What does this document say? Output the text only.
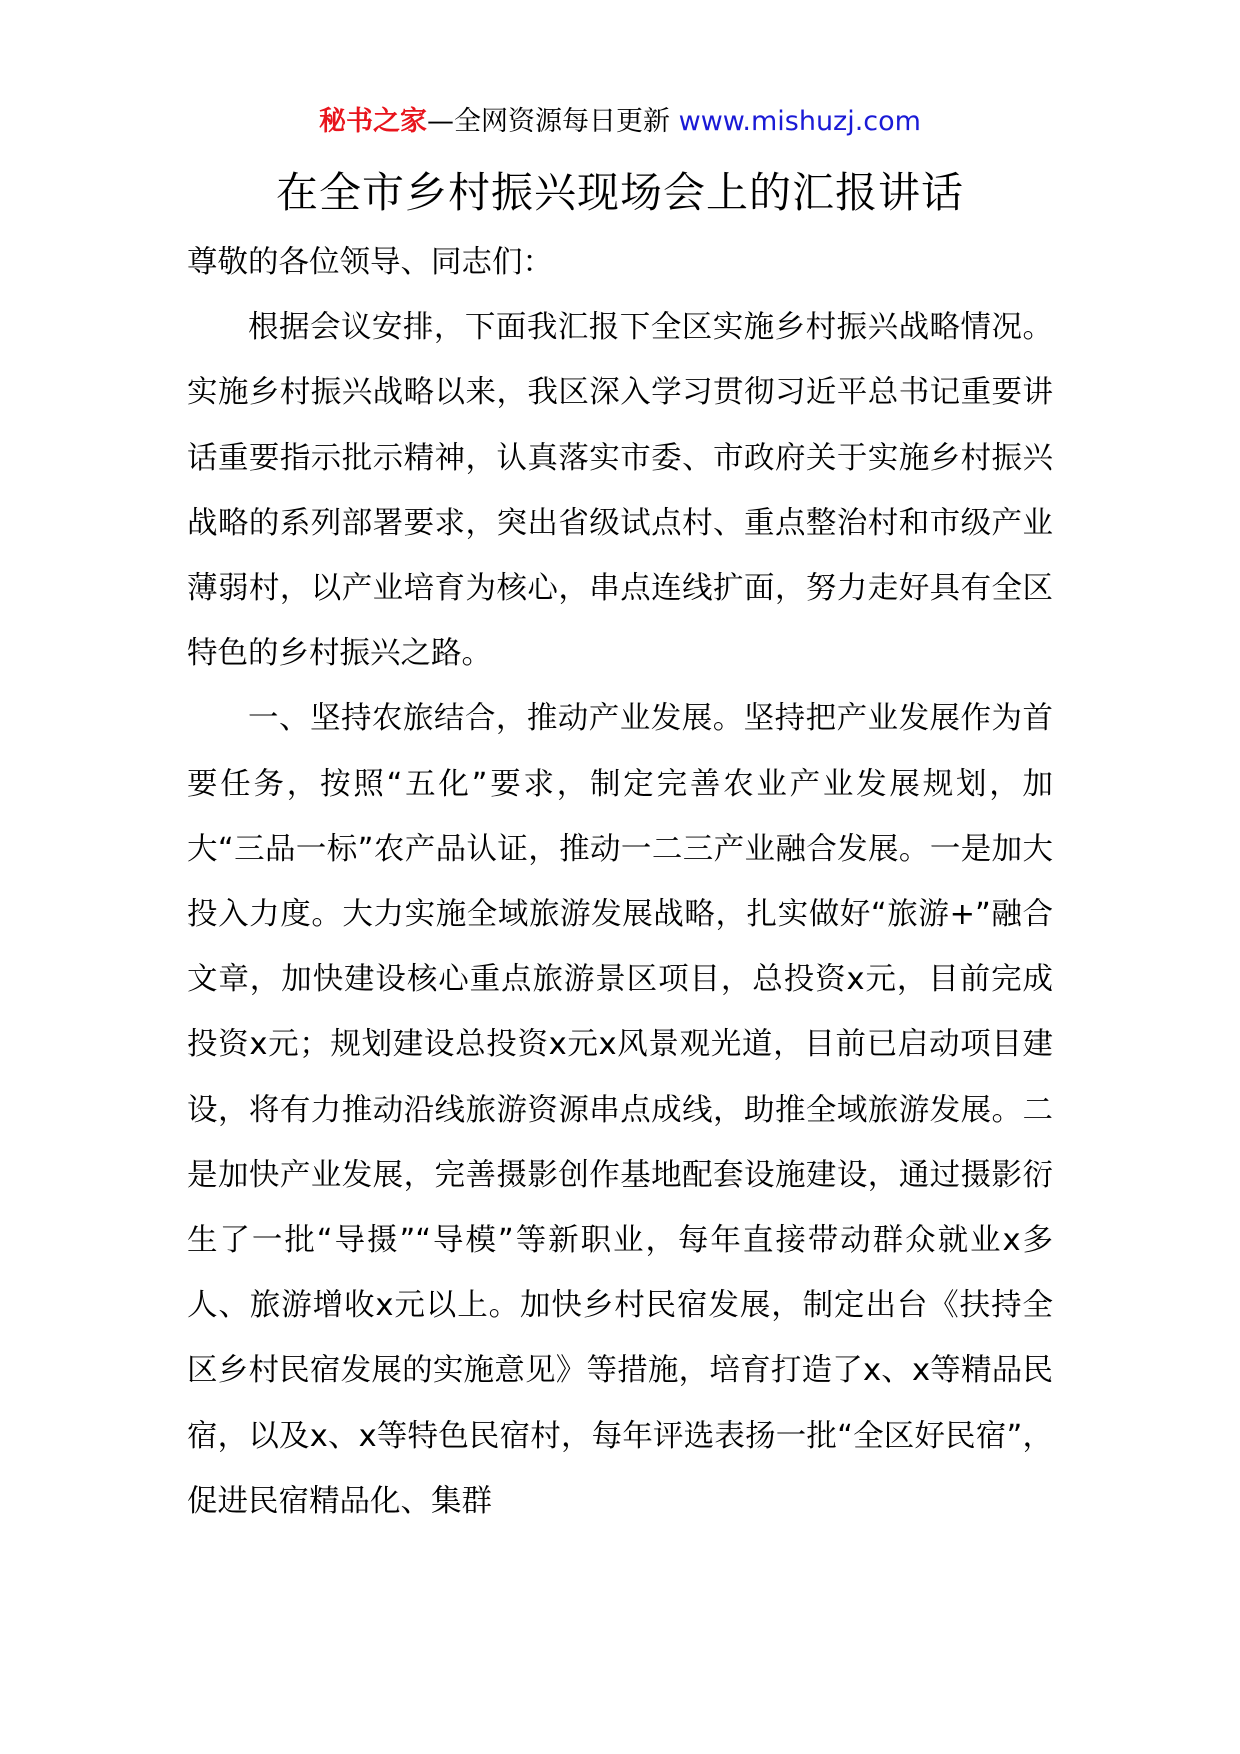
秘书之家—全网资源每日更新 www.mishuzj.com
在全市乡村振兴现场会上的汇报讲话

尊敬的各位领导、同志们：

根据会议安排，下面我汇报下全区实施乡村振兴战略情况。实施乡村振兴战略以来，我区深入学习贯彻习近平总书记重要讲话重要指示批示精神，认真落实市委、市政府关于实施乡村振兴战略的系列部署要求，突出省级试点村、重点整治村和市级产业薄弱村，以产业培育为核心，串点连线扩面，努力走好具有全区特色的乡村振兴之路。

一、坚持农旅结合，推动产业发展。坚持把产业发展作为首要任务，按照“五化”要求，制定完善农业产业发展规划，加大“三品一标”农产品认证，推动一二三产业融合发展。一是加大投入力度。大力实施全域旅游发展战略，扎实做好“旅游+”融合文章，加快建设核心重点旅游景区项目，总投资x元，目前完成投资x元；规划建设总投资x元x风景观光道，目前已启动项目建设，将有力推动沿线旅游资源串点成线，助推全域旅游发展。二是加快产业发展，完善摄影创作基地配套设施建设，通过摄影衍生了一批“导摄”“导模”等新职业，每年直接带动群众就业x多人、旅游增收x元以上。加快乡村民宿发展，制定出台《扶持全区乡村民宿发展的实施意见》等措施，培育打造了x、x等精品民宿，以及x、x等特色民宿村，每年评选表扬一批“全区好民宿”，促进民宿精品化、集群
